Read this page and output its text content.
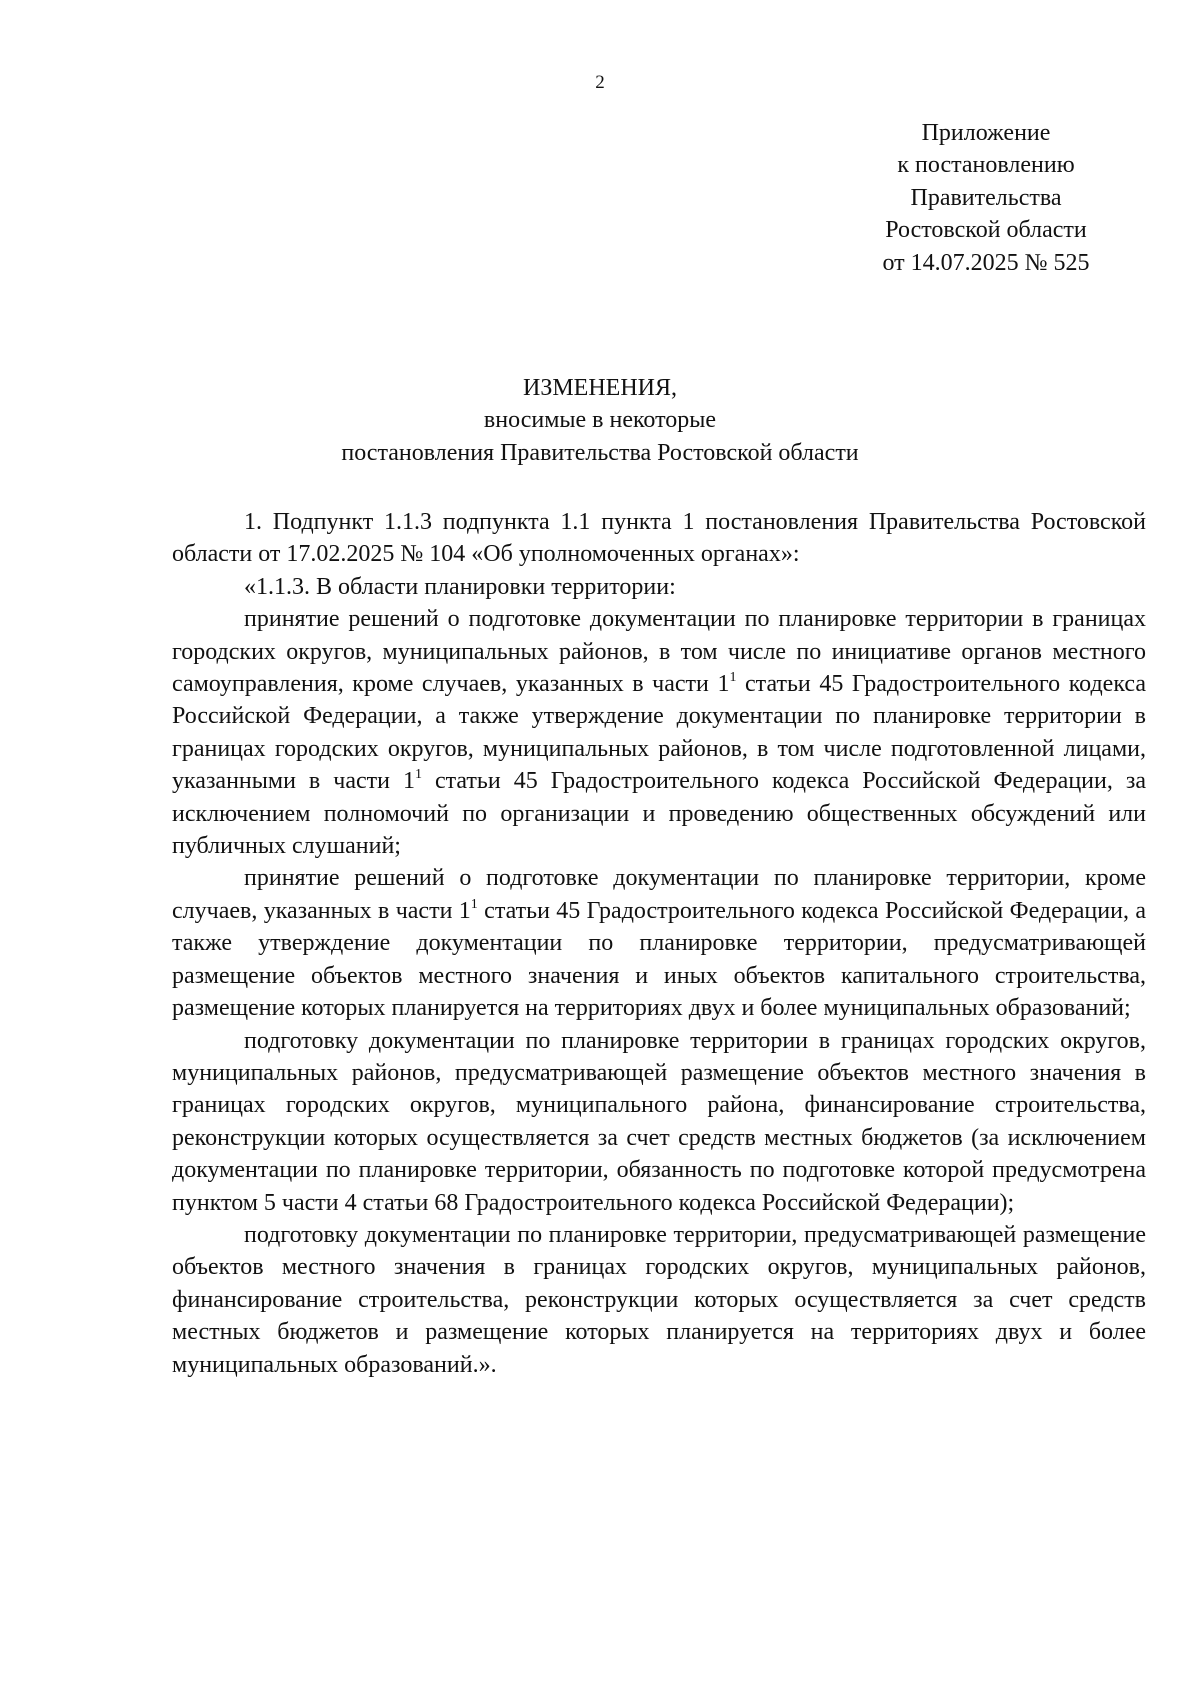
2
Приложение
к постановлению
Правительства
Ростовской области
от 14.07.2025 № 525
ИЗМЕНЕНИЯ,
вносимые в некоторые
постановления Правительства Ростовской области

1. Подпункт 1.1.3 подпункта 1.1 пункта 1 постановления Правительства Ростовской области от 17.02.2025 № 104 «Об уполномоченных органах»:

«1.1.3. В области планировки территории:

принятие решений о подготовке документации по планировке территории в границах городских округов, муниципальных районов, в том числе по инициативе органов местного самоуправления, кроме случаев, указанных в части $1^1$ статьи 45 Градостроительного кодекса Российской Федерации, а также утверждение документации по планировке территории в границах городских округов, муниципальных районов, в том числе подготовленной лицами, указанными в части $1^1$ статьи 45 Градостроительного кодекса Российской Федерации, за исключением полномочий по организации и проведению общественных обсуждений или публичных слушаний;

принятие решений о подготовке документации по планировке территории, кроме случаев, указанных в части $1^1$ статьи 45 Градостроительного кодекса Российской Федерации, а также утверждение документации по планировке территории, предусматривающей размещение объектов местного значения и иных объектов капитального строительства, размещение которых планируется на территориях двух и более муниципальных образований;

подготовку документации по планировке территории в границах городских округов, муниципальных районов, предусматривающей размещение объектов местного значения в границах городских округов, муниципального района, финансирование строительства, реконструкции которых осуществляется за счет средств местных бюджетов (за исключением документации по планировке территории, обязанность по подготовке которой предусмотрена пунктом 5 части 4 статьи 68 Градостроительного кодекса Российской Федерации);

подготовку документации по планировке территории, предусматривающей размещение объектов местного значения в границах городских округов, муниципальных районов, финансирование строительства, реконструкции которых осуществляется за счет средств местных бюджетов и размещение которых планируется на территориях двух и более муниципальных образований.».
